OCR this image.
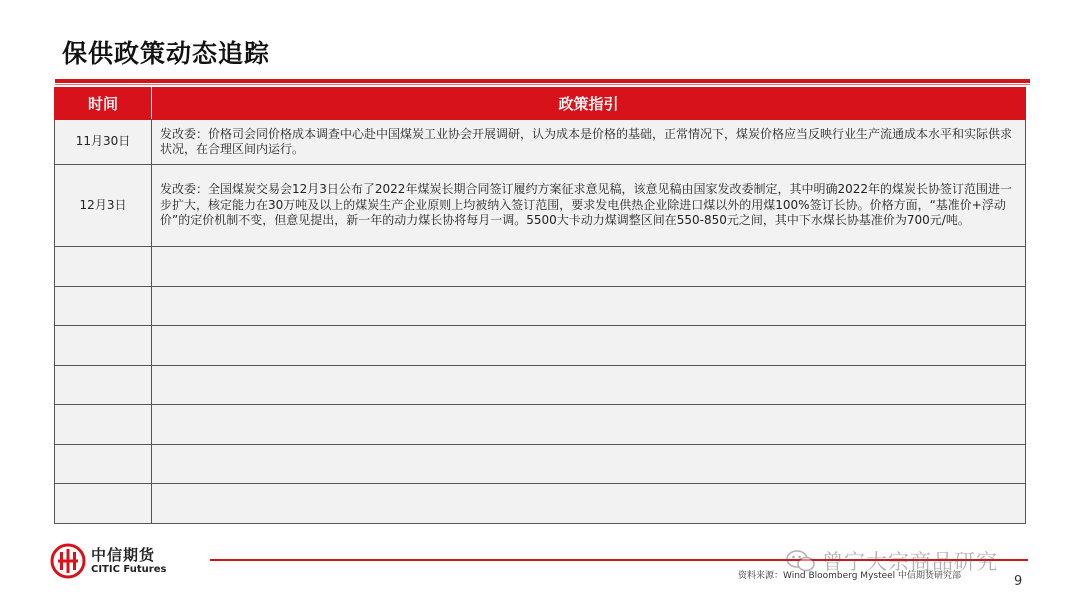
保供政策动态追踪
时间	政策指引
11月30日	发改委：价格司会同价格成本调查中心赴中国煤炭工业协会开展调研，认为成本是价格的基础，正常情况下，煤炭价格应当反映行业生产流通成本水平和实际供求状况，在合理区间内运行。
12月3日	发改委：全国煤炭交易会12月3日公布了2022年煤炭长期合同签订履约方案征求意见稿，该意见稿由国家发改委制定，其中明确2022年的煤炭长协签订范围进一步扩大，核定能力在30万吨及以上的煤炭生产企业原则上均被纳入签订范围，要求发电供热企业除进口煤以外的用煤100%签订长协。价格方面，“基准价+浮动价”的定价机制不变，但意见提出，新一年的动力煤长协将每月一调。5500大卡动力煤调整区间在550-850元之间，其中下水煤长协基准价为700元/吨。

中信期货
CITIC Futures	曾宁大宗商品研究
资料来源：Wind Bloomberg Mysteel 中信期货研究部	9
